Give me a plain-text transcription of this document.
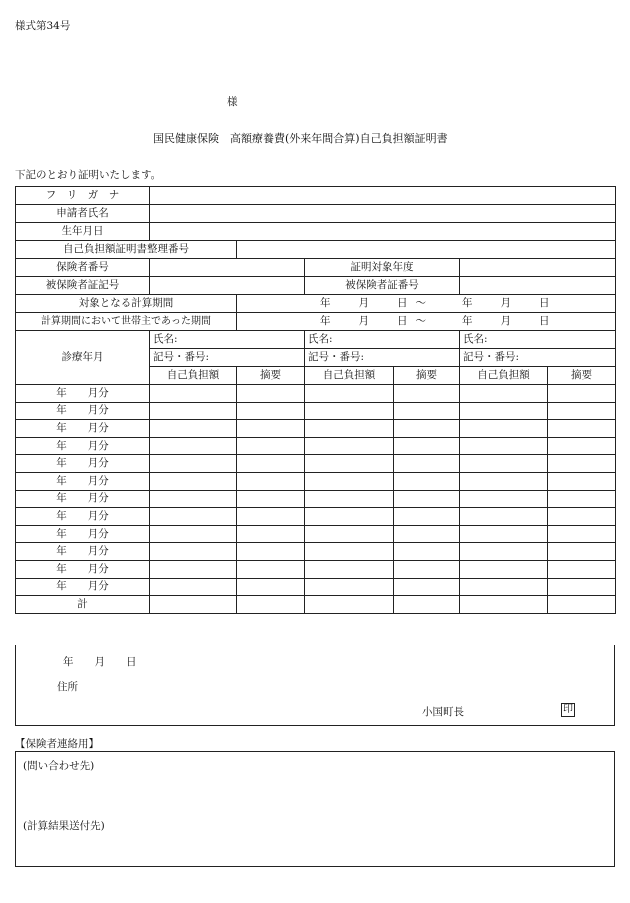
様式第34号
様
国民健康保険　高額療養費(外来年間合算)自己負担額証明書
下記のとおり証明いたします。
フ　リ　ガ　ナ						
申請者氏名						
生年月日						
自己負担額証明書整理番号						
保険者番号			証明対象年度			
被保険者証記号			被保険者証番号			
対象となる計算期間		年 月 日 ～ 年 月 日				
計算期間において世帯主であった期間		年 月 日 ～ 年 月 日				
診療年月	氏名:		氏名:		氏名:	
	記号・番号:		記号・番号:		記号・番号:	
	自己負担額	摘要	自己負担額	摘要	自己負担額	摘要
年　　月分						
年　　月分						
年　　月分						
年　　月分						
年　　月分						
年　　月分						
年　　月分						
年　　月分						
年　　月分						
年　　月分						
年　　月分						
年　　月分						
計						
年　　月　　日
住所
小国町長	印
【保険者連絡用】
(問い合わせ先)
(計算結果送付先)
